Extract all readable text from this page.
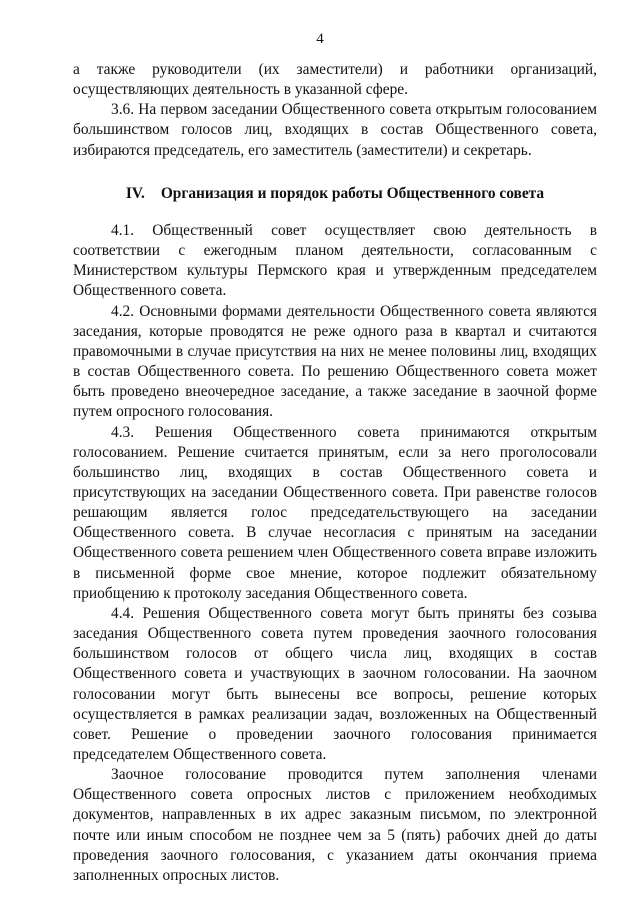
4

а также руководители (их заместители) и работники организаций, осуществляющих деятельность в указанной сфере.

3.6. На первом заседании Общественного совета открытым голосованием большинством голосов лиц, входящих в состав Общественного совета, избираются председатель, его заместитель (заместители) и секретарь.

IV. Организация и порядок работы Общественного совета

4.1. Общественный совет осуществляет свою деятельность в соответствии с ежегодным планом деятельности, согласованным с Министерством культуры Пермского края и утвержденным председателем Общественного совета.

4.2. Основными формами деятельности Общественного совета являются заседания, которые проводятся не реже одного раза в квартал и считаются правомочными в случае присутствия на них не менее половины лиц, входящих в состав Общественного совета. По решению Общественного совета может быть проведено внеочередное заседание, а также заседание в заочной форме путем опросного голосования.

4.3. Решения Общественного совета принимаются открытым голосованием. Решение считается принятым, если за него проголосовали большинство лиц, входящих в состав Общественного совета и присутствующих на заседании Общественного совета. При равенстве голосов решающим является голос председательствующего на заседании Общественного совета. В случае несогласия с принятым на заседании Общественного совета решением член Общественного совета вправе изложить в письменной форме свое мнение, которое подлежит обязательному приобщению к протоколу заседания Общественного совета.

4.4. Решения Общественного совета могут быть приняты без созыва заседания Общественного совета путем проведения заочного голосования большинством голосов от общего числа лиц, входящих в состав Общественного совета и участвующих в заочном голосовании. На заочном голосовании могут быть вынесены все вопросы, решение которых осуществляется в рамках реализации задач, возложенных на Общественный совет. Решение о проведении заочного голосования принимается председателем Общественного совета.

Заочное голосование проводится путем заполнения членами Общественного совета опросных листов с приложением необходимых документов, направленных в их адрес заказным письмом, по электронной почте или иным способом не позднее чем за 5 (пять) рабочих дней до даты проведения заочного голосования, с указанием даты окончания приема заполненных опросных листов.
